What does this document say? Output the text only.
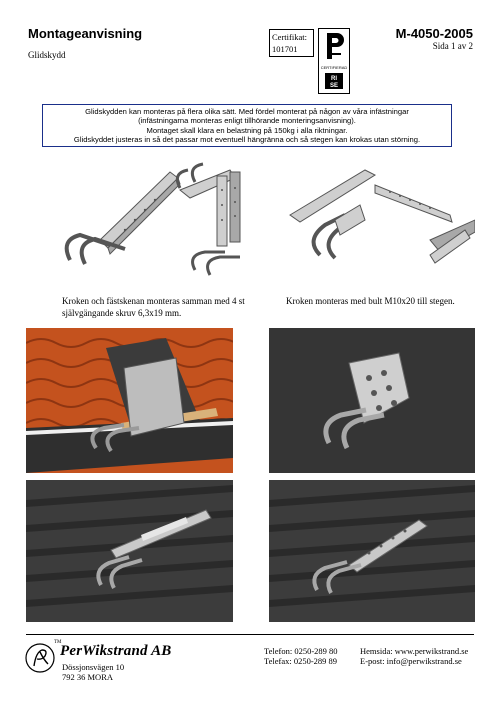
Montageanvisning
Glidskydd
Certifikat:
101701
CERTIFIERAD
RI
SE
M-4050-2005
Sida 1 av 2
Glidskydden kan monteras på flera olika sätt. Med fördel monterat på någon av våra infästningar
(infästningarna monteras enligt tillhörande monteringsanvisning).
Montaget skall klara en belastning på 150kg i alla riktningar.
Glidskyddet justeras in så det passar mot eventuell hängränna och så stegen kan krokas utan störning.
Kroken och fästskenan monteras samman med 4 st självgängande skruv 6,3x19 mm.
Kroken monteras med bult M10x20 till stegen.
TM
PerWikstrand AB
Dössjonsvägen 10
792 36 MORA
Telefon: 0250-289 80
Telefax: 0250-289 89
Hemsida: www.perwikstrand.se
E-post: info@perwikstrand.se
